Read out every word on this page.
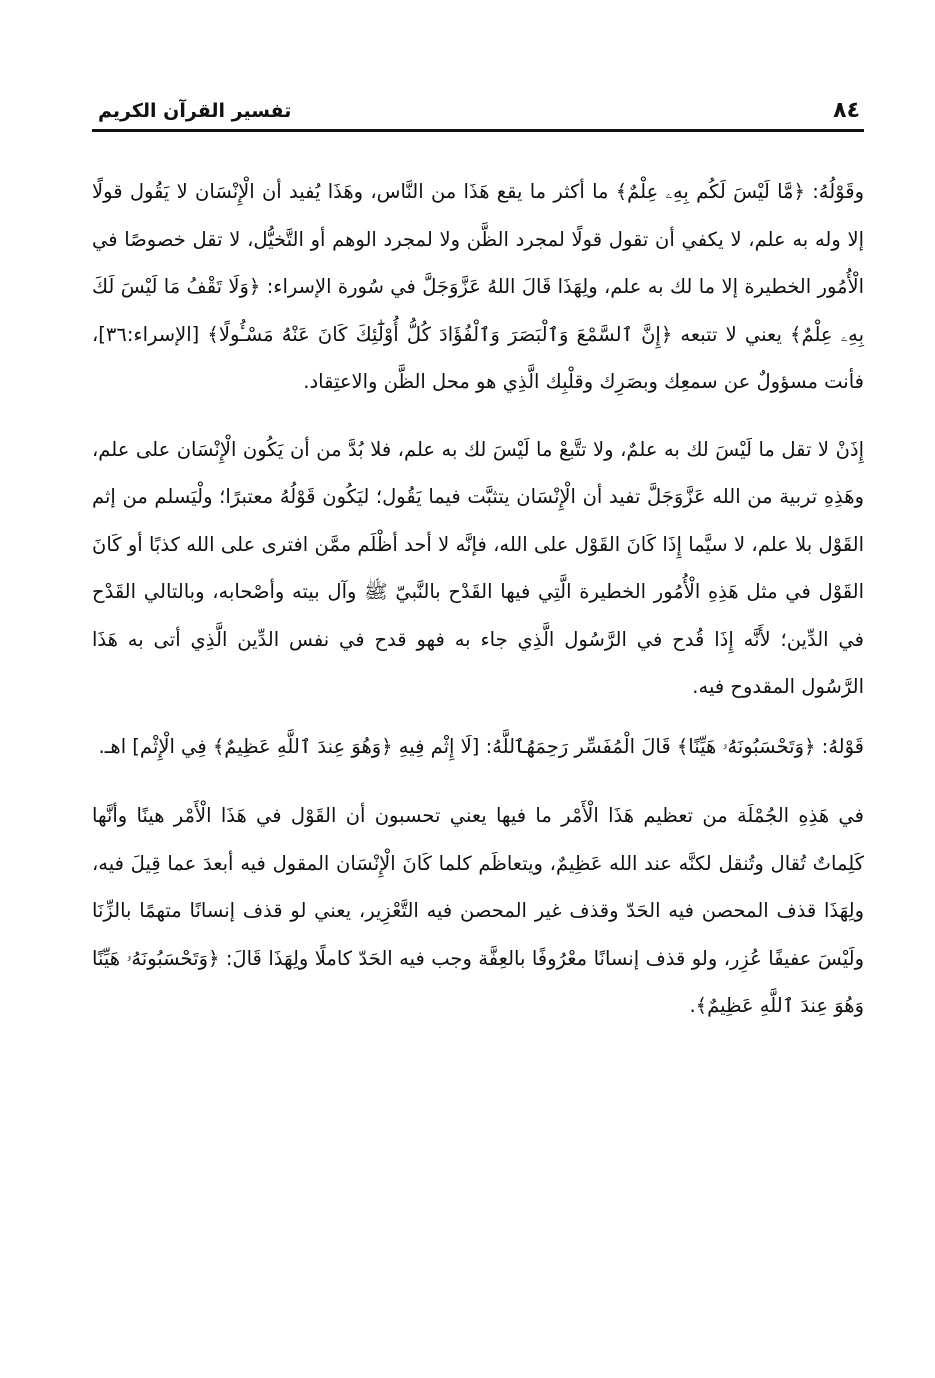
٨٤
تفسير القرآن الكريم

وقَوْلُهُ: ﴿مَّا لَيْسَ لَكُم بِهِۦ عِلْمٌ﴾ ما أكثر ما يقع هَذَا من النَّاس، وهَذَا يُفيد أن الْإِنْسَان لا يَقُول قولًا إلا وله به علم، لا يكفي أن تقول قولًا لمجرد الظَّن ولا لمجرد الوهم أو التَّخيُّل، لا تقل خصوصًا في الْأُمُور الخطيرة إلا ما لك به علم، ولِهَذَا قَالَ اللهُ عَزَّوَجَلَّ في سُورة الإسراء: ﴿وَلَا تَقْفُ مَا لَيْسَ لَكَ بِهِۦ عِلْمٌ﴾ يعني لا تتبعه ﴿إِنَّ ٱلسَّمْعَ وَٱلْبَصَرَ وَٱلْفُؤَادَ كُلُّ أُوْلَٰٓئِكَ كَانَ عَنْهُ مَسْـُٔولًا﴾ [الإسراء:٣٦]، فأنت مسؤولٌ عن سمعِك وبصَرِك وقلْبِك الَّذِي هو محل الظَّن والاعتِقاد.

إِذَنْ لا تقل ما لَيْسَ لك به علمٌ، ولا تتَّبعْ ما لَيْسَ لك به علم، فلا بُدَّ من أن يَكُون الْإِنْسَان على علم، وهَذِهِ تربية من الله عَزَّوَجَلَّ تفيد أن الْإِنْسَان يتثبَّت فيما يَقُول؛ ليَكُون قَوْلُهُ معتبرًا؛ ولْيَسلم من إثم القَوْل بلا علم، لا سيَّما إِذَا كَانَ القَوْل على الله، فإنَّه لا أحد أظْلَم ممَّن افترى على الله كذبًا أو كَانَ القَوْل في مثل هَذِهِ الْأُمُور الخطيرة الَّتِي فيها القَدْح بالنَّبيّ ﷺ وآل بيته وأصْحابه، وبالتالي القَدْح في الدِّين؛ لأَنَّه إِذَا قُدح في الرَّسُول الَّذِي جاء به فهو قدح في نفس الدِّين الَّذِي أتى به هَذَا الرَّسُول المقدوح فيه.

قَوْلهُ: ﴿وَتَحْسَبُونَهُۥ هَيِّنًا﴾ قَالَ الْمُفَسِّر رَحِمَهُٱللَّهُ: [لَا إِثْم فِيهِ ﴿وَهُوَ عِندَ ٱللَّهِ عَظِيمٌ﴾ فِي الْإِثْم] اهـ.

في هَذِهِ الجُمْلَة من تعظيم هَذَا الْأَمْر ما فيها يعني تحسبون أن القَوْل في هَذَا الْأَمْر هينًا وأنَّها كَلِماتٌ تُقال وتُنقل لكنَّه عند الله عَظِيمٌ، ويتعاظَم كلما كَانَ الْإِنْسَان المقول فيه أبعدَ عما قِيلَ فيه، ولِهَذَا قذف المحصن فيه الحَدّ وقذف غير المحصن فيه التَّعْزِير، يعني لو قذف إنسانًا متهمًا بالزِّنَا ولَيْسَ عفيفًا عُزِر، ولو قذف إنسانًا معْرُوفًا بالعِفَّة وجب فيه الحَدّ كاملًا ولِهَذَا قَالَ: ﴿وَتَحْسَبُونَهُۥ هَيِّنًا وَهُوَ عِندَ ٱللَّهِ عَظِيمٌ﴾.
